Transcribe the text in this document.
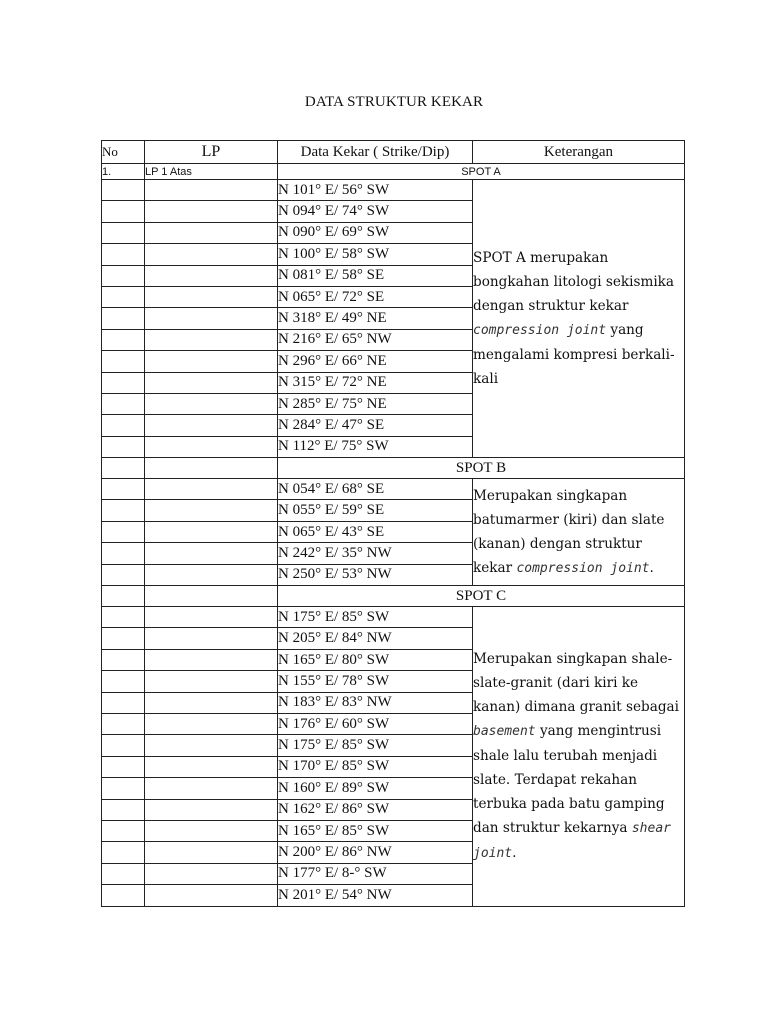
DATA STRUKTUR KEKAR
No	LP	Data Kekar ( Strike/Dip)	Keterangan
1.	LP 1 Atas	SPOT A	
		N 101° E/ 56° SW	SPOT A merupakan bongkahan litologi sekismika dengan struktur kekar compression joint yang mengalami kompresi berkali-kali
		N 094° E/ 74° SW	
		N 090° E/ 69° SW	
		N 100° E/ 58° SW	
		N 081° E/ 58° SE	
		N 065° E/ 72° SE	
		N 318° E/ 49° NE	
		N 216° E/ 65° NW	
		N 296° E/ 66° NE	
		N 315° E/ 72° NE	
		N 285° E/ 75° NE	
		N 284° E/ 47° SE	
		N 112° E/ 75° SW	
		SPOT B	
		N 054° E/ 68° SE	Merupakan singkapan batumarmer (kiri) dan slate (kanan) dengan struktur kekar compression joint.
		N 055° E/ 59° SE	
		N 065° E/ 43° SE	
		N 242° E/ 35° NW	
		N 250° E/ 53° NW	
		SPOT C	
		N 175° E/ 85° SW	Merupakan singkapan shale-slate-granit (dari kiri ke kanan) dimana granit sebagai basement yang mengintrusi shale lalu terubah menjadi slate. Terdapat rekahan terbuka pada batu gamping dan struktur kekarnya shear joint.
		N 205° E/ 84° NW	
		N 165° E/ 80° SW	
		N 155° E/ 78° SW	
		N 183° E/ 83° NW	
		N 176° E/ 60° SW	
		N 175° E/ 85° SW	
		N 170° E/ 85° SW	
		N 160° E/ 89° SW	
		N 162° E/ 86° SW	
		N 165° E/ 85° SW	
		N 200° E/ 86° NW	
		N 177° E/ 8-° SW	
		N 201° E/ 54° NW	
